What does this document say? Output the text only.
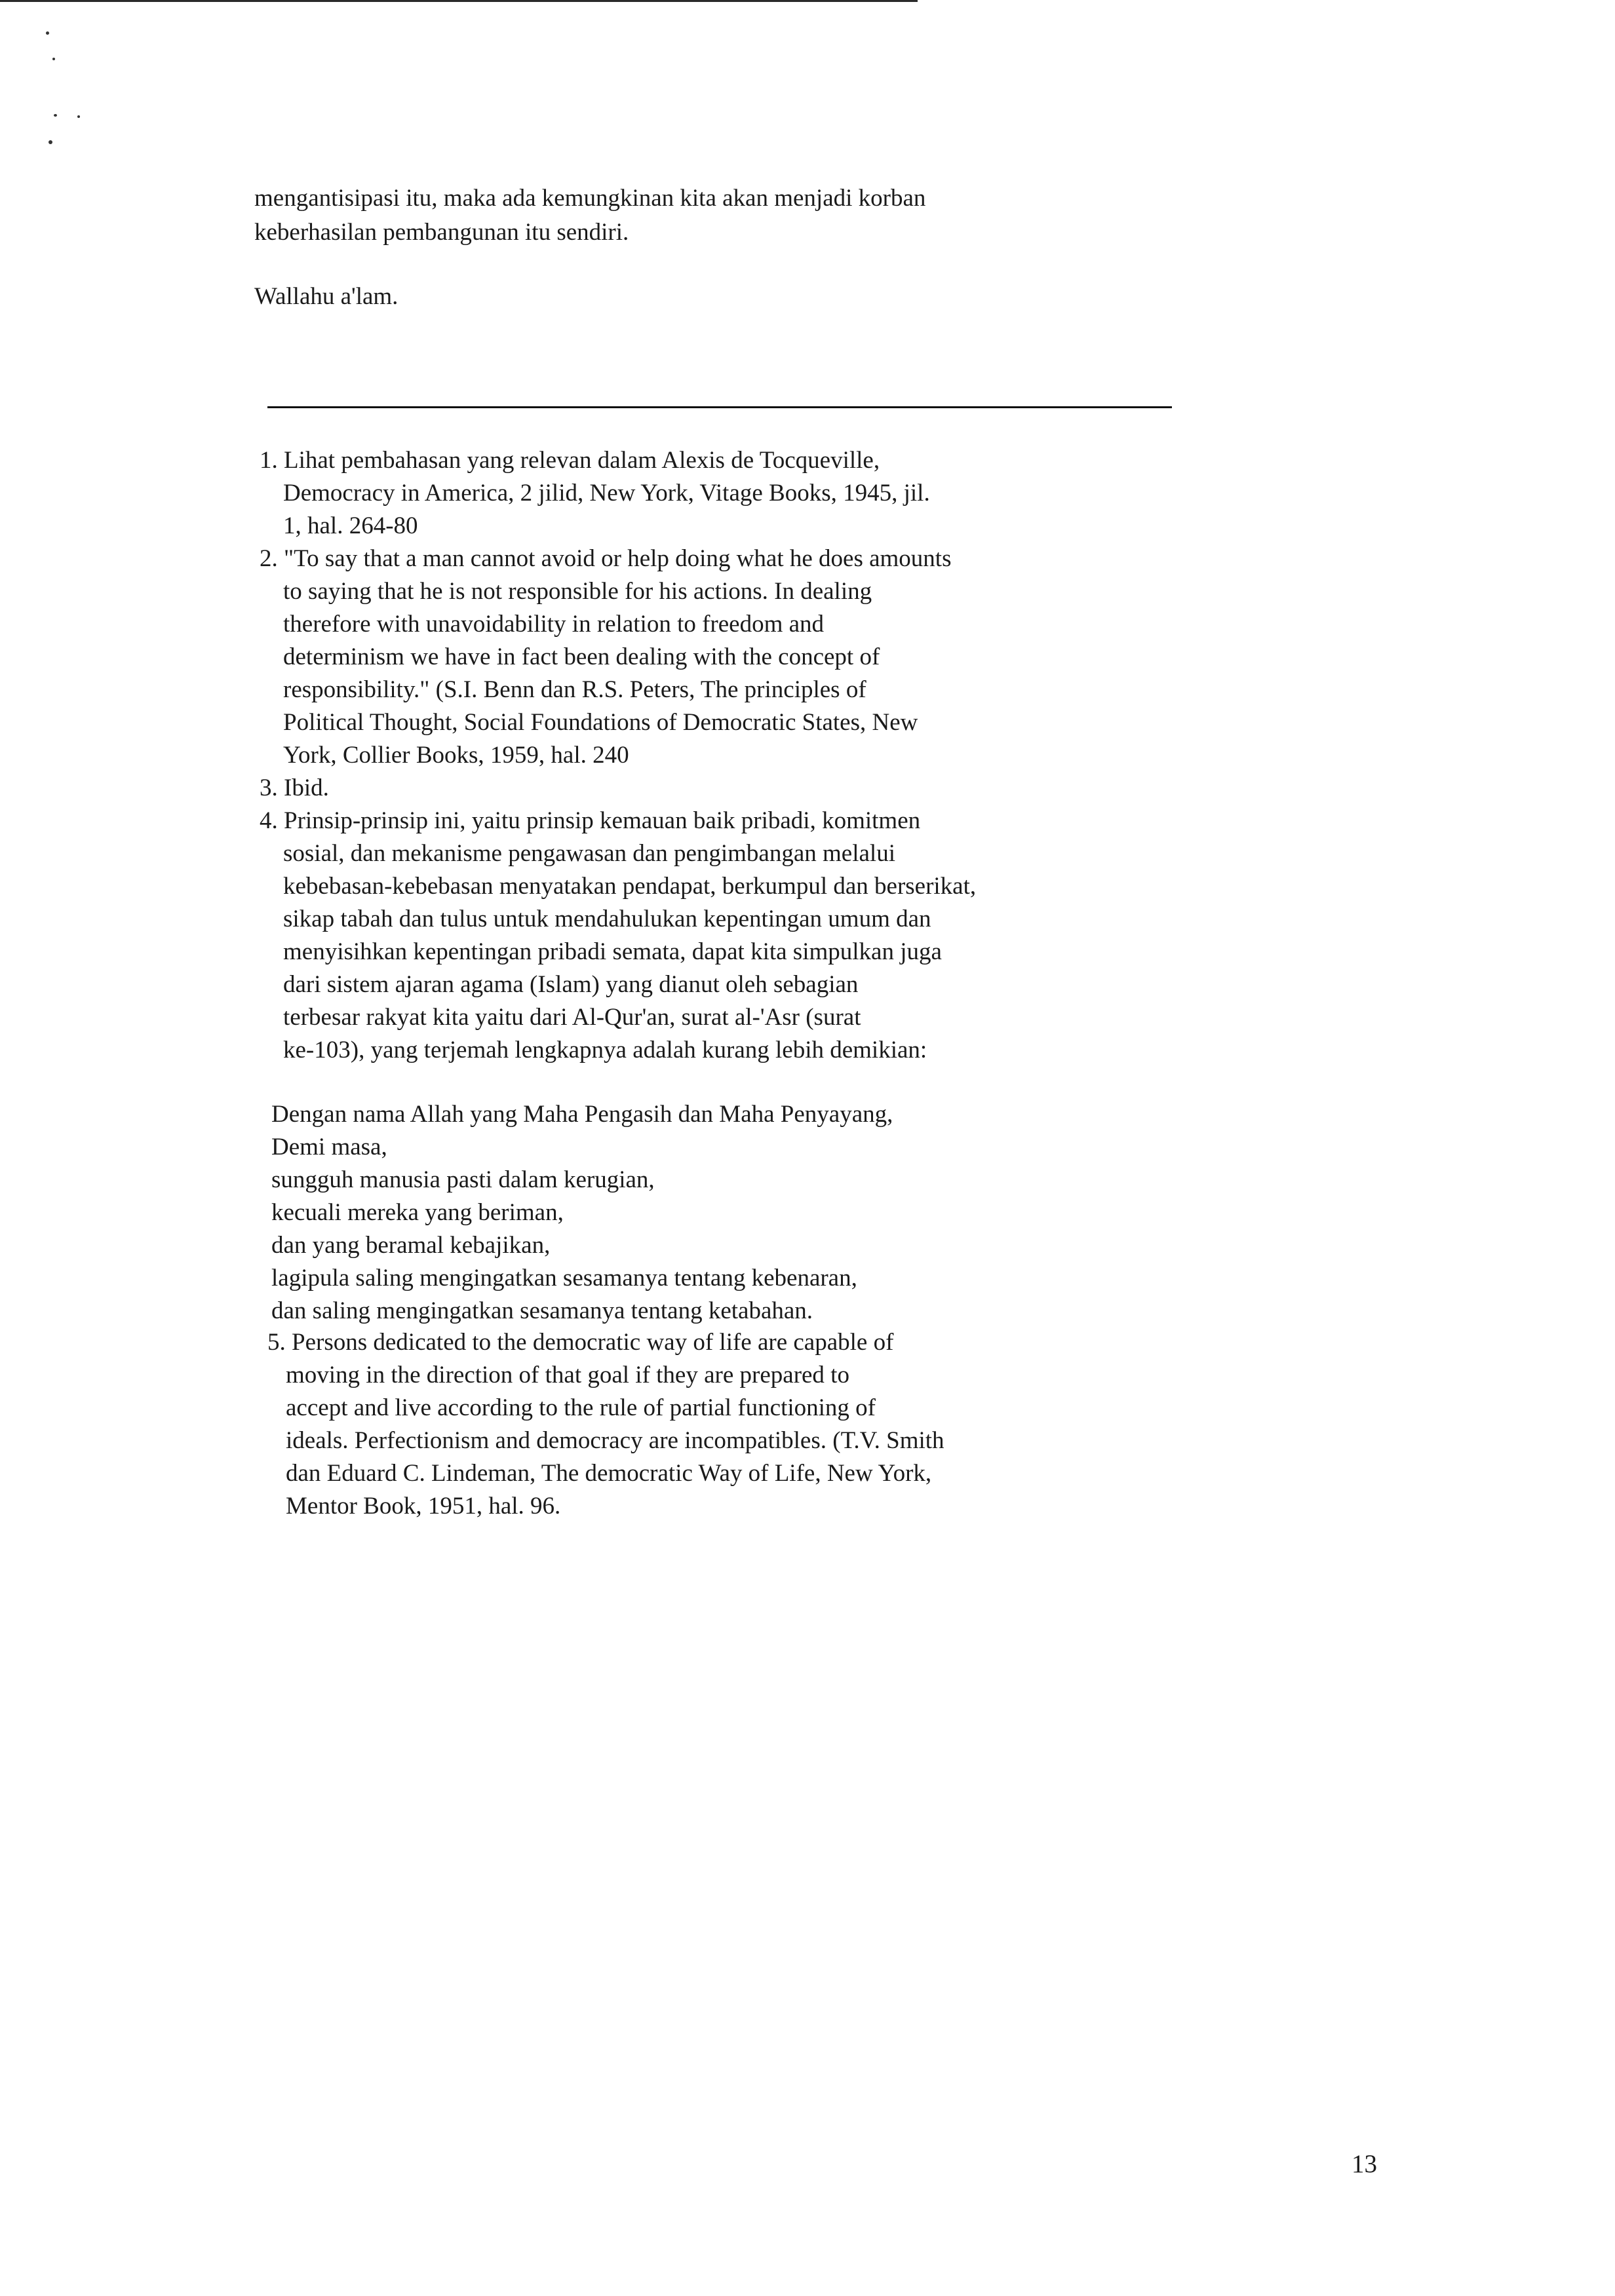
mengantisipasi itu, maka ada kemungkinan kita akan menjadi korban
keberhasilan pembangunan itu sendiri.
Wallahu a'lam.
1. Lihat pembahasan yang relevan dalam Alexis de Tocqueville,
Democracy in America, 2 jilid, New York, Vitage Books, 1945, jil.
1, hal. 264-80
2. "To say that a man cannot avoid or help doing what he does amounts
to saying that he is not responsible for his actions. In dealing
therefore with unavoidability in relation to freedom and
determinism we have in fact been dealing with the concept of
responsibility." (S.I. Benn dan R.S. Peters, The principles of
Political Thought, Social Foundations of Democratic States, New
York, Collier Books, 1959, hal. 240
3. Ibid.
4. Prinsip-prinsip ini, yaitu prinsip kemauan baik pribadi, komitmen
sosial, dan mekanisme pengawasan dan pengimbangan melalui
kebebasan-kebebasan menyatakan pendapat, berkumpul dan berserikat,
sikap tabah dan tulus untuk mendahulukan kepentingan umum dan
menyisihkan kepentingan pribadi semata, dapat kita simpulkan juga
dari sistem ajaran agama (Islam) yang dianut oleh sebagian
terbesar rakyat kita yaitu dari Al-Qur'an, surat al-'Asr (surat
ke-103), yang terjemah lengkapnya adalah kurang lebih demikian:
Dengan nama Allah yang Maha Pengasih dan Maha Penyayang,
Demi masa,
sungguh manusia pasti dalam kerugian,
kecuali mereka yang beriman,
dan yang beramal kebajikan,
lagipula saling mengingatkan sesamanya tentang kebenaran,
dan saling mengingatkan sesamanya tentang ketabahan.
5. Persons dedicated to the democratic way of life are capable of
moving in the direction of that goal if they are prepared to
accept and live according to the rule of partial functioning of
ideals. Perfectionism and democracy are incompatibles. (T.V. Smith
dan Eduard C. Lindeman, The democratic Way of Life, New York,
Mentor Book, 1951, hal. 96.
13
